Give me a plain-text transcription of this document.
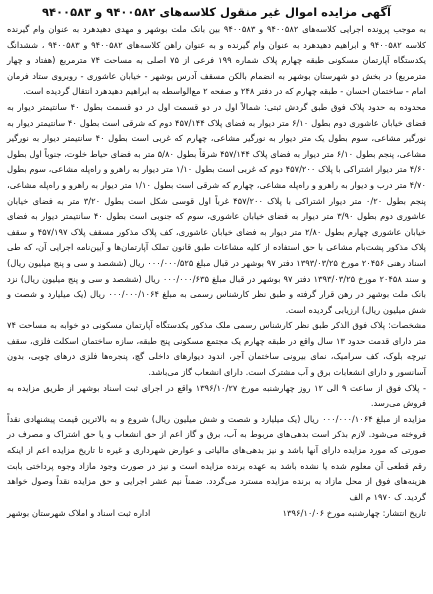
آگهی مزایده اموال غیر منقول کلاسه‌های ۹۴۰۰۵۸۲ و ۹۴۰۰۵۸۳

به موجب پرونده اجرایی کلاسه‌های ۹۴۰۰۵۸۲ و ۹۴۰۰۵۸۳ بین بانک ملت بوشهر و مهدی دهیدهرد به عنوان وام گیرنده کلاسه ۹۴۰۰۵۸۲ و ابراهیم دهیدهرد به عنوان وام گیرنده و به عنوان راهن کلاسه‌های ۹۴۰۰۵۸۲ و ۹۴۰۰۵۸۳ ، ششدانگ یکدستگاه آپارتمان مسکونی طبقه چهارم پلاک شماره ۱۹۹ فرعی از ۷۵ اصلی به مساحت ۷۴ مترمربع (هفتاد و چهار مترمربع) در بخش دو شهرستان بوشهر به انضمام بالکن مسقف آدرس بوشهر - خیابان عاشوری - روبروی ستاد فرمان امام - ساختمان احسان - طبقه چهارم که در دفتر ۲۴۸ و صفحه ۲ مع‌الواسطه به ابراهیم دهیدهرد انتقال گردیده است.

محدوده به حدود پلاک فوق طبق گردش ثبتی: شمالاً اول در دو قسمت اول در دو قسمت بطول ۴۰ سانتیمتر دیوار به فضای خیابان عاشوری دوم بطول ۶/۱۰ متر دیوار به فضای پلاک ۴۵۷/۱۴۴ دوم که شرقی است بطول ۴۰ سانتیمتر دیوار به نورگیر مشاعی، سوم بطول یک متر دیوار به نورگیر مشاعی، چهارم که غربی است بطول ۴۰ سانتیمتر دیوار به نورگیر مشاعی، پنجم بطول ۶/۱۰ متر دیوار به فضای پلاک ۴۵۷/۱۴۴ شرقاً بطول ۵/۸۰ متر به فضای حیاط خلوت، جنوباً اول بطول ۴/۶۰ متر دیوار اشتراکی با پلاک ۴۵۷/۲۰۰ دوم که غربی است بطول ۱/۱۰ متر دیوار به راهرو و راه‌پله مشاعی، سوم بطول ۴/۷۰ متر درب و دیوار به راهرو و راه‌پله مشاعی، چهارم که شرقی است بطول ۱/۱۰ متر دیوار به راهرو و راه‌پله مشاعی، پنجم بطول ۰/۲۰ متر دیوار اشتراکی با پلاک ۴۵۷/۲۰۰ غرباً اول قوسی شکل است بطول ۳/۲۰ متر به فضای خیابان عاشوری دوم بطول ۳/۹۰ متر دیوار به فضای خیابان عاشوری، سوم که جنوبی است بطول ۴۰ سانتیمتر دیوار به فضای خیابان عاشوری چهارم بطول ۲/۸۰ متر دیوار به فضای خیابان عاشوری، کف پلاک مذکور مسقف پلاک ۴۵۷/۱۹۷ و سقف پلاک مذکور پشت‌بام مشاعی با حق استفاده از کلیه مشاعات طبق قانون تملک آپارتمان‌ها و آیین‌نامه اجرایی آن، که طی اسناد رهنی ۲۰۴۵۶ مورخ ۱۳۹۳/۰۳/۲۵ دفتر ۹۷ بوشهر در قبال مبلغ ۰۰۰/۰۰۰/۵۲۵ ریال (ششصد و سی و پنج میلیون ریال) و سند ۲۰۴۵۸ مورخ ۱۳۹۳/۰۳/۲۵ دفتر ۹۷ بوشهر در قبال مبلغ ۰۰۰/۰۰۰/۶۳۵ ریال (ششصد و سی و پنج میلیون ریال) نزد بانک ملت بوشهر در رهن قرار گرفته و طبق نظر کارشناس رسمی به مبلغ ۰۰۰/۰۰۰/۱۰۶۴ ریال (یک میلیارد و شصت و شش میلیون ریال) ارزیابی گردیده است.

مشخصات: پلاک فوق الذکر طبق نظر کارشناس رسمی ملک مذکور یکدستگاه آپارتمان مسکونی دو خوابه به مساحت ۷۴ متر دارای قدمت حدود ۱۳ سال واقع در طبقه چهارم یک مجتمع مسکونی پنج طبقه، سازه ساختمان اسکلت فلزی، سقف تیرچه بلوک، کف سرامیک، نمای بیرونی ساختمان آجر، اندود دیوارهای داخلی گچ، پنجره‌ها فلزی درهای چوبی، بدون آسانسور و دارای انشعابات برق و آب مشترک است. دارای انشعاب گاز می‌باشد.

- پلاک فوق از ساعت ۹ الی ۱۲ روز چهارشنبه مورخ ۱۳۹۶/۱۰/۲۷ واقع در اجرای ثبت اسناد بوشهر از طریق مزایده به فروش می‌رسد.

مزایده از مبلغ ۰۰۰/۰۰۰/۱۰۶۴ ریال (یک میلیارد و شصت و شش میلیون ریال) شروع و به بالاترین قیمت پیشنهادی نقداً فروخته می‌شود. لازم بذکر است بدهی‌های مربوط به آب، برق و گاز اعم از حق انشعاب و یا حق اشتراک و مصرف در صورتی که مورد مزایده دارای آنها باشد و نیز بدهی‌های مالیاتی و عوارض شهرداری و غیره تا تاریخ مزایده اعم از اینکه رقم قطعی آن معلوم شده یا نشده باشد به عهده برنده مزایده است و نیز در صورت وجود مازاد وجوه پرداختی بابت هزینه‌های فوق از محل مازاد به برنده مزایده مسترد می‌گردد. ضمناً نیم عشر اجرایی و حق مزایده نقداً وصول خواهد گردید. ک ۱۹۷۰ م الف

تاریخ انتشار: چهارشنبه مورخ ۱۳۹۶/۱۰/۰۶
اداره ثبت اسناد و املاک شهرستان بوشهر
